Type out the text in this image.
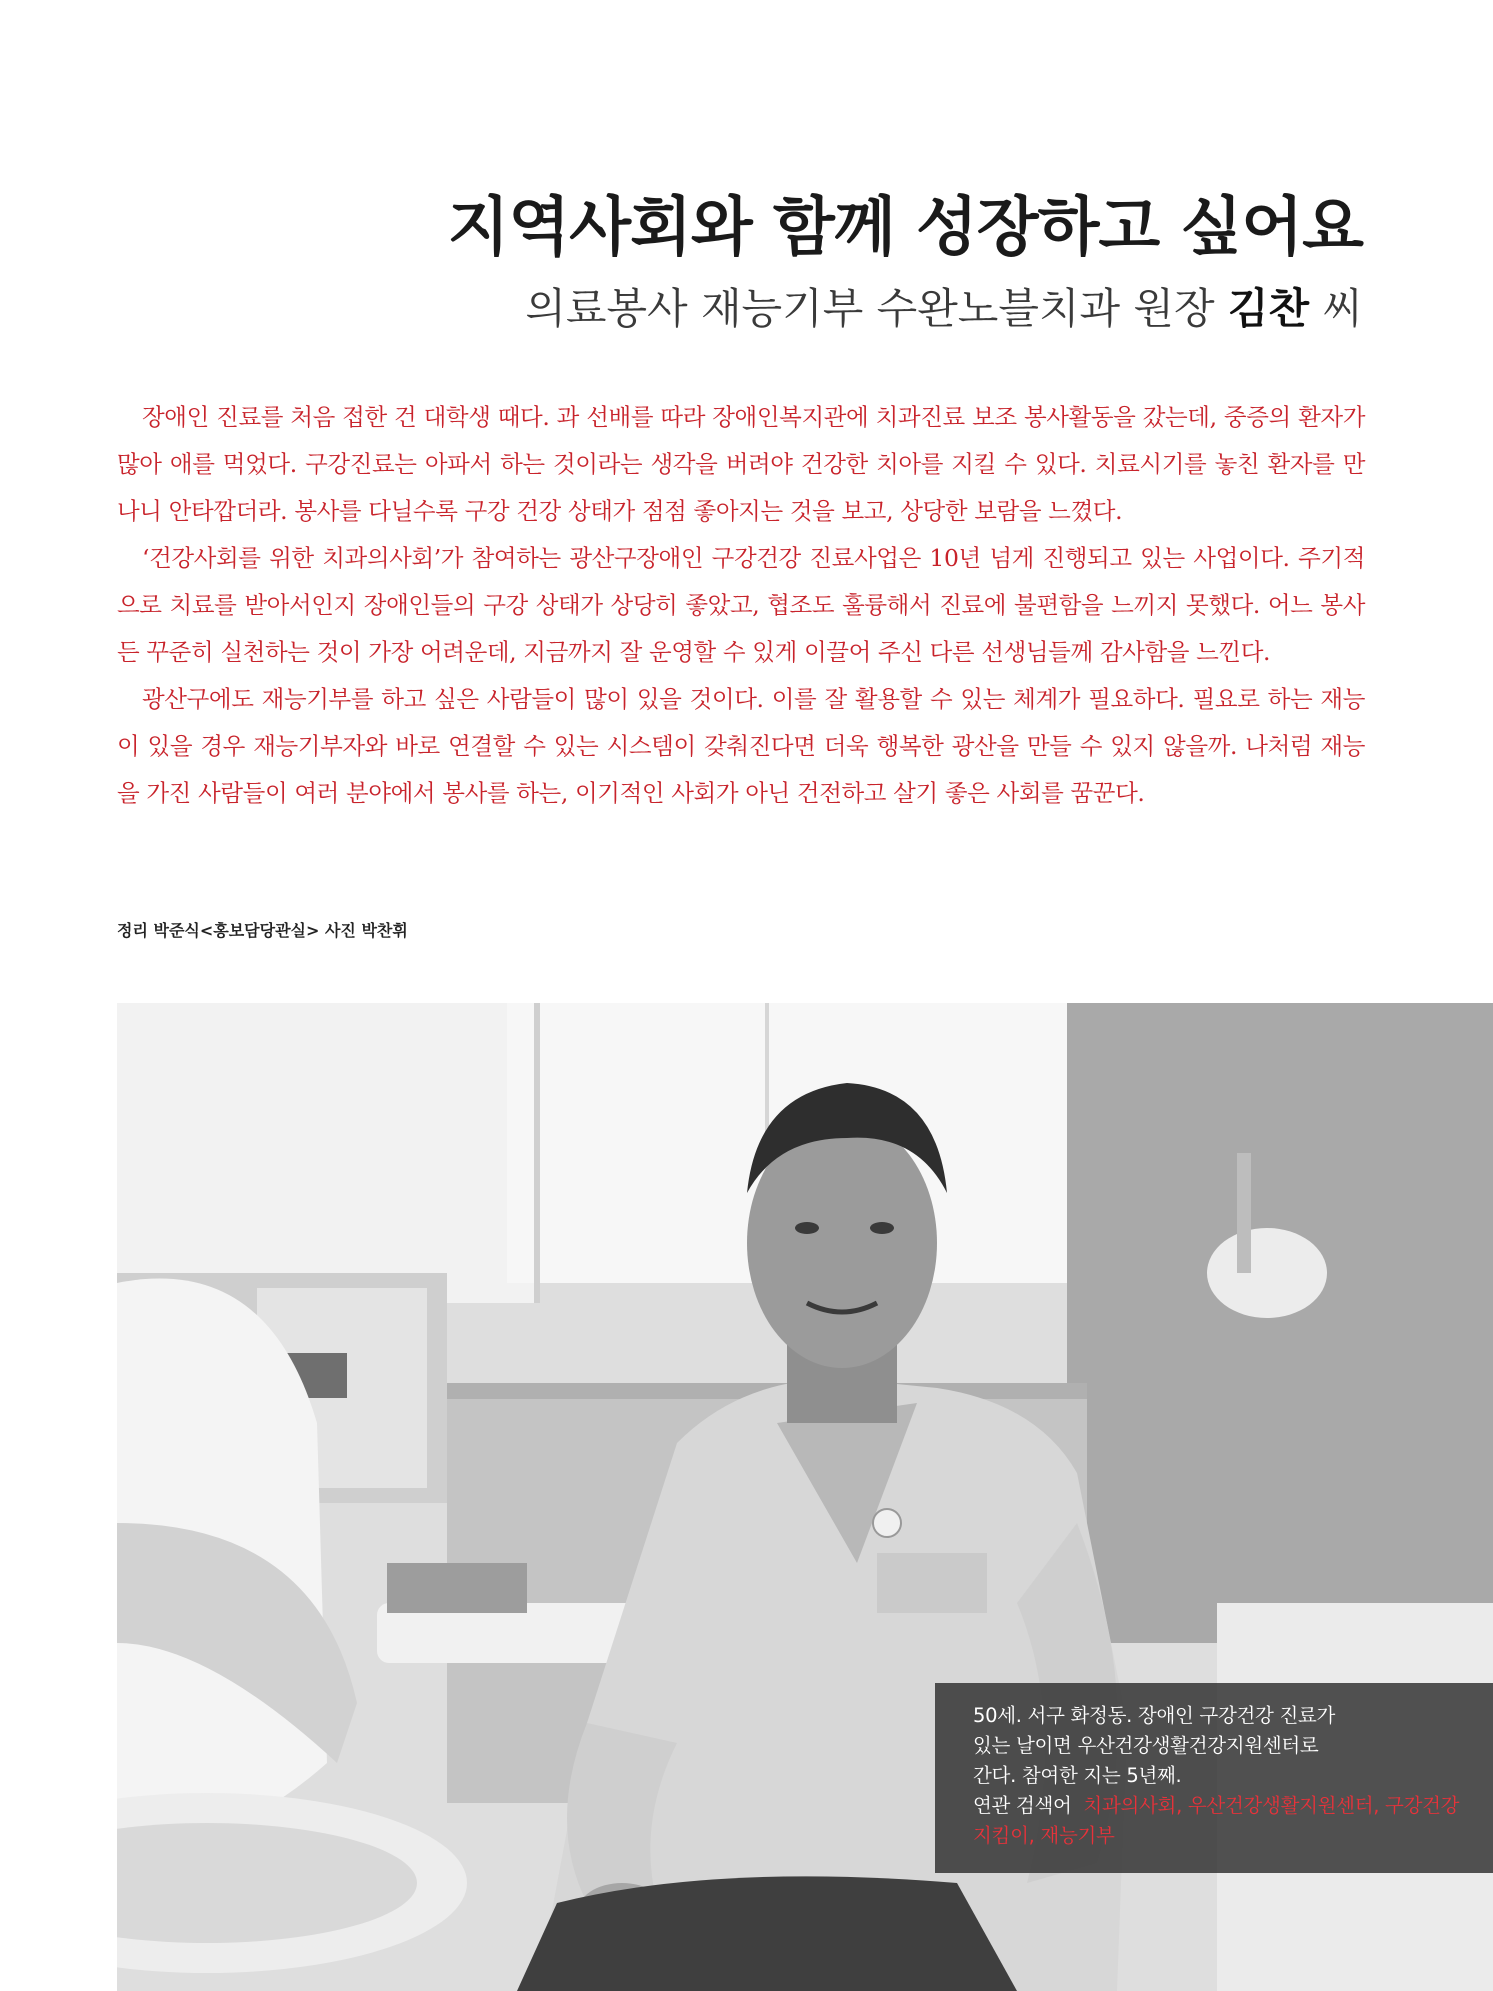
지역사회와 함께 성장하고 싶어요
의료봉사 재능기부 수완노블치과 원장 김찬 씨

장애인 진료를 처음 접한 건 대학생 때다. 과 선배를 따라 장애인복지관에 치과진료 보조 봉사활동을 갔는데, 중증의 환자가 많아 애를 먹었다. 구강진료는 아파서 하는 것이라는 생각을 버려야 건강한 치아를 지킬 수 있다. 치료시기를 놓친 환자를 만나니 안타깝더라. 봉사를 다닐수록 구강 건강 상태가 점점 좋아지는 것을 보고, 상당한 보람을 느꼈다.

‘건강사회를 위한 치과의사회’가 참여하는 광산구장애인 구강건강 진료사업은 10년 넘게 진행되고 있는 사업이다. 주기적으로 치료를 받아서인지 장애인들의 구강 상태가 상당히 좋았고, 협조도 훌륭해서 진료에 불편함을 느끼지 못했다. 어느 봉사든 꾸준히 실천하는 것이 가장 어려운데, 지금까지 잘 운영할 수 있게 이끌어 주신 다른 선생님들께 감사함을 느낀다.

광산구에도 재능기부를 하고 싶은 사람들이 많이 있을 것이다. 이를 잘 활용할 수 있는 체계가 필요하다. 필요로 하는 재능이 있을 경우 재능기부자와 바로 연결할 수 있는 시스템이 갖춰진다면 더욱 행복한 광산을 만들 수 있지 않을까. 나처럼 재능을 가진 사람들이 여러 분야에서 봉사를 하는, 이기적인 사회가 아닌 건전하고 살기 좋은 사회를 꿈꾼다.

정리 박준식<홍보담당관실> 사진 박찬휘
50세. 서구 화정동. 장애인 구강건강 진료가
있는 날이면 우산건강생활건강지원센터로
간다. 참여한 지는 5년째.
연관 검색어 치과의사회, 우산건강생활지원센터, 구강건강지킴이, 재능기부
